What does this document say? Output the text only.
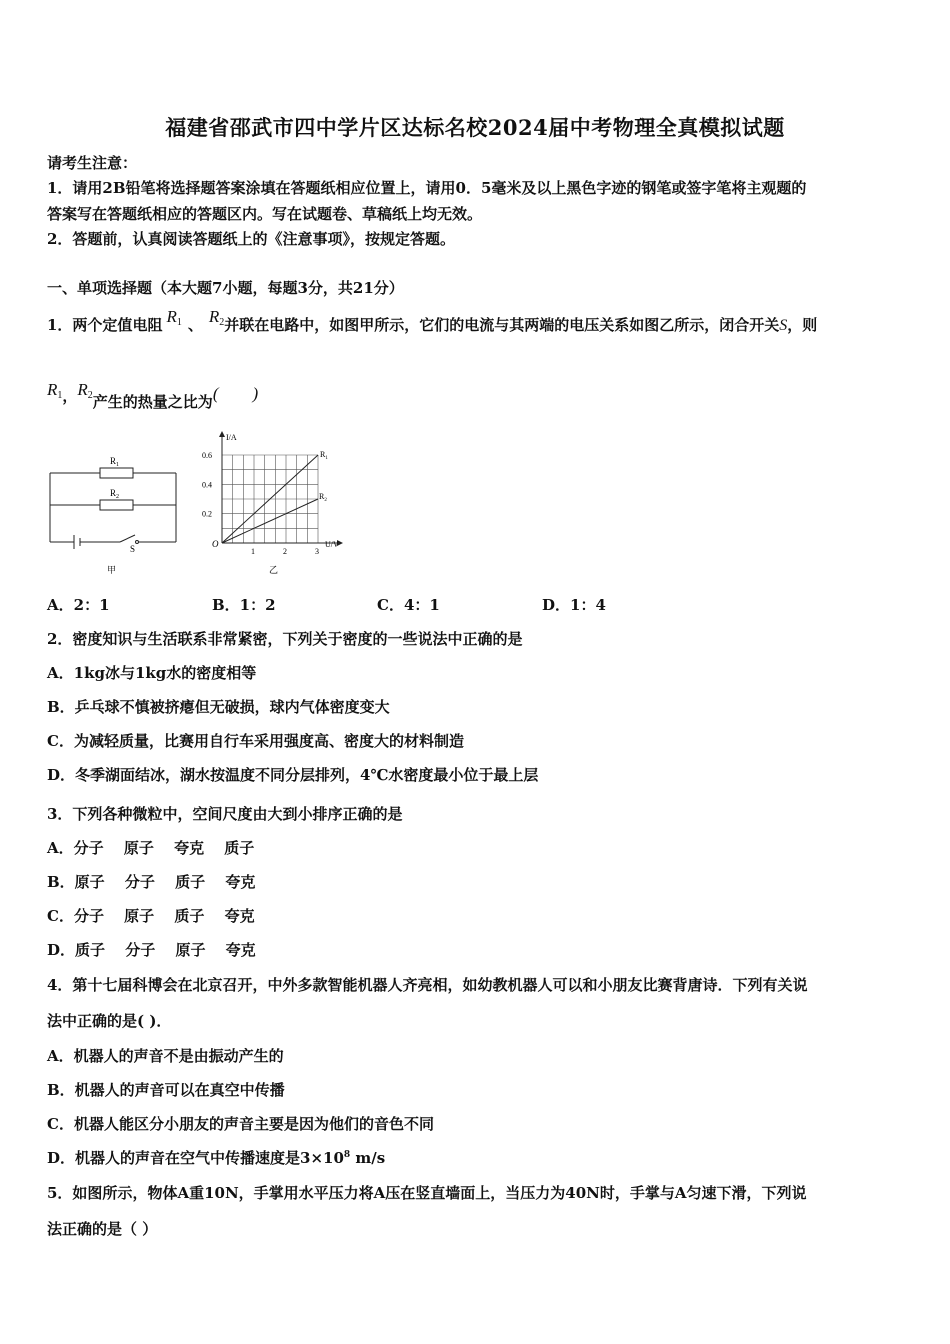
福建省邵武市四中学片区达标名校2024届中考物理全真模拟试题
请考生注意：
1．请用2B铅笔将选择题答案涂填在答题纸相应位置上，请用0．5毫米及以上黑色字迹的钢笔或签字笔将主观题的
答案写在答题纸相应的答题区内。写在试题卷、草稿纸上均无效。
2．答题前，认真阅读答题纸上的《注意事项》，按规定答题。
一、单项选择题（本大题7小题，每题3分，共21分）
1．两个定值电阻 $R_1$ 、 $R_2$并联在电路中，如图甲所示，它们的电流与其两端的电压关系如图乙所示，闭合开关S，则
$R_1$，$R_2$产生的热量之比为(　　)
$R_1$
$R_2$
S
甲
0.2
0.4
0.6
1	2	3
I/A
U/V
O
$R_1$
$R_2$
乙
A．2：1	B．1：2	C．4：1	D．1：4
2．密度知识与生活联系非常紧密，下列关于密度的一些说法中正确的是
A．1kg冰与1kg水的密度相等
B．乒乓球不慎被挤瘪但无破损，球内气体密度变大
C．为减轻质量，比赛用自行车采用强度高、密度大的材料制造
D．冬季湖面结冰，湖水按温度不同分层排列，4℃水密度最小位于最上层
3．下列各种微粒中，空间尺度由大到小排序正确的是
A．分子　 原子　 夸克　 质子
B．原子　 分子　 质子　 夸克
C．分子　 原子　 质子　 夸克
D．质子　 分子　 原子　 夸克
4．第十七届科博会在北京召开，中外多款智能机器人齐亮相，如幼教机器人可以和小朋友比赛背唐诗．下列有关说
法中正确的是( )．
A．机器人的声音不是由振动产生的
B．机器人的声音可以在真空中传播
C．机器人能区分小朋友的声音主要是因为他们的音色不同
D．机器人的声音在空气中传播速度是$3\times 10^8$ m/s
5．如图所示，物体A重10N，手掌用水平压力将A压在竖直墙面上，当压力为40N时，手掌与A匀速下滑，下列说
法正确的是（ ）
